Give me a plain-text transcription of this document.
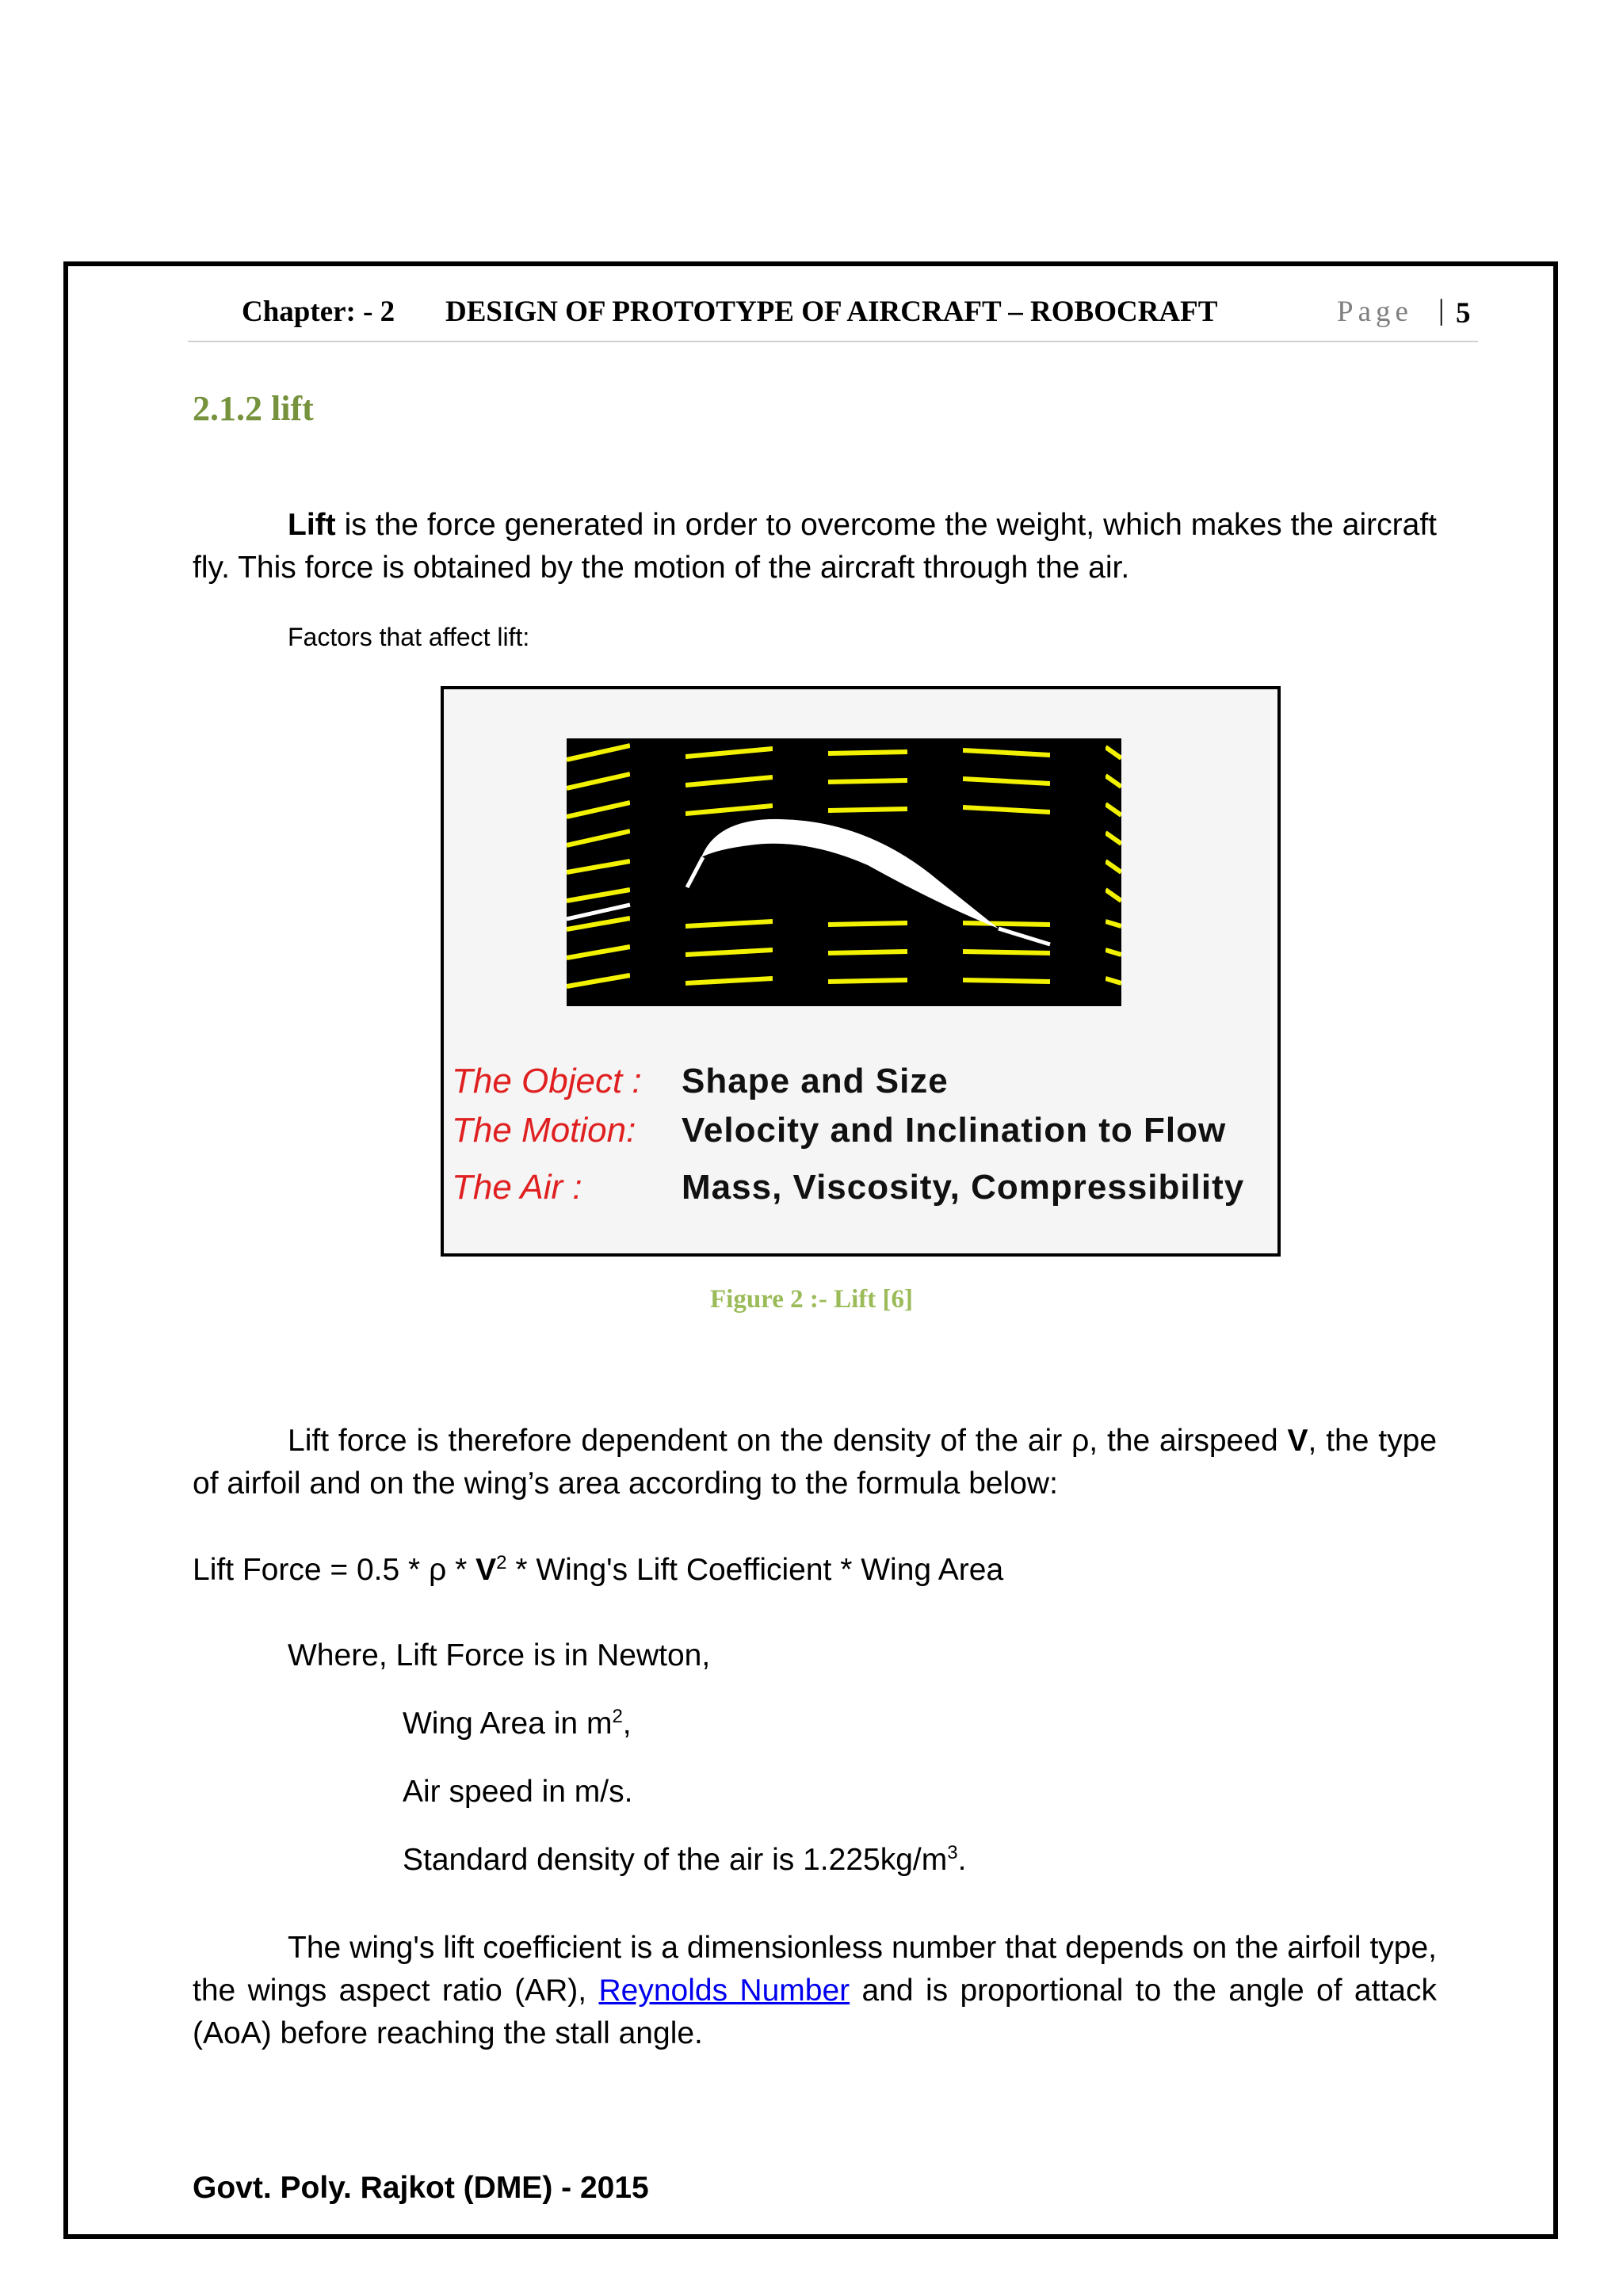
Chapter: - 2 DESIGN OF PROTOTYPE OF AIRCRAFT – ROBOCRAFT	Page | 5
2.1.2 lift
Lift is the force generated in order to overcome the weight, which makes the aircraft fly. This force is obtained by the motion of the aircraft through the air.
Factors that affect lift:
The Object : Shape and Size
The Motion: Velocity and Inclination to Flow
The Air :	Mass, Viscosity, Compressibility
Figure 2 :- Lift [6]
Lift force is therefore dependent on the density of the air ρ, the airspeed V, the type of airfoil and on the wing’s area according to the formula below:
Lift Force = 0.5 * ρ * $V^2$ * Wing's Lift Coefficient * Wing Area
Where, Lift Force is in Newton,
Wing Area in $m^2$,
Air speed in m/s.
Standard density of the air is $1.225kg/m^3$.
The wing's lift coefficient is a dimensionless number that depends on the airfoil type, the wings aspect ratio (AR), Reynolds Number and is proportional to the angle of attack (AoA) before reaching the stall angle.
Govt. Poly. Rajkot (DME) - 2015
